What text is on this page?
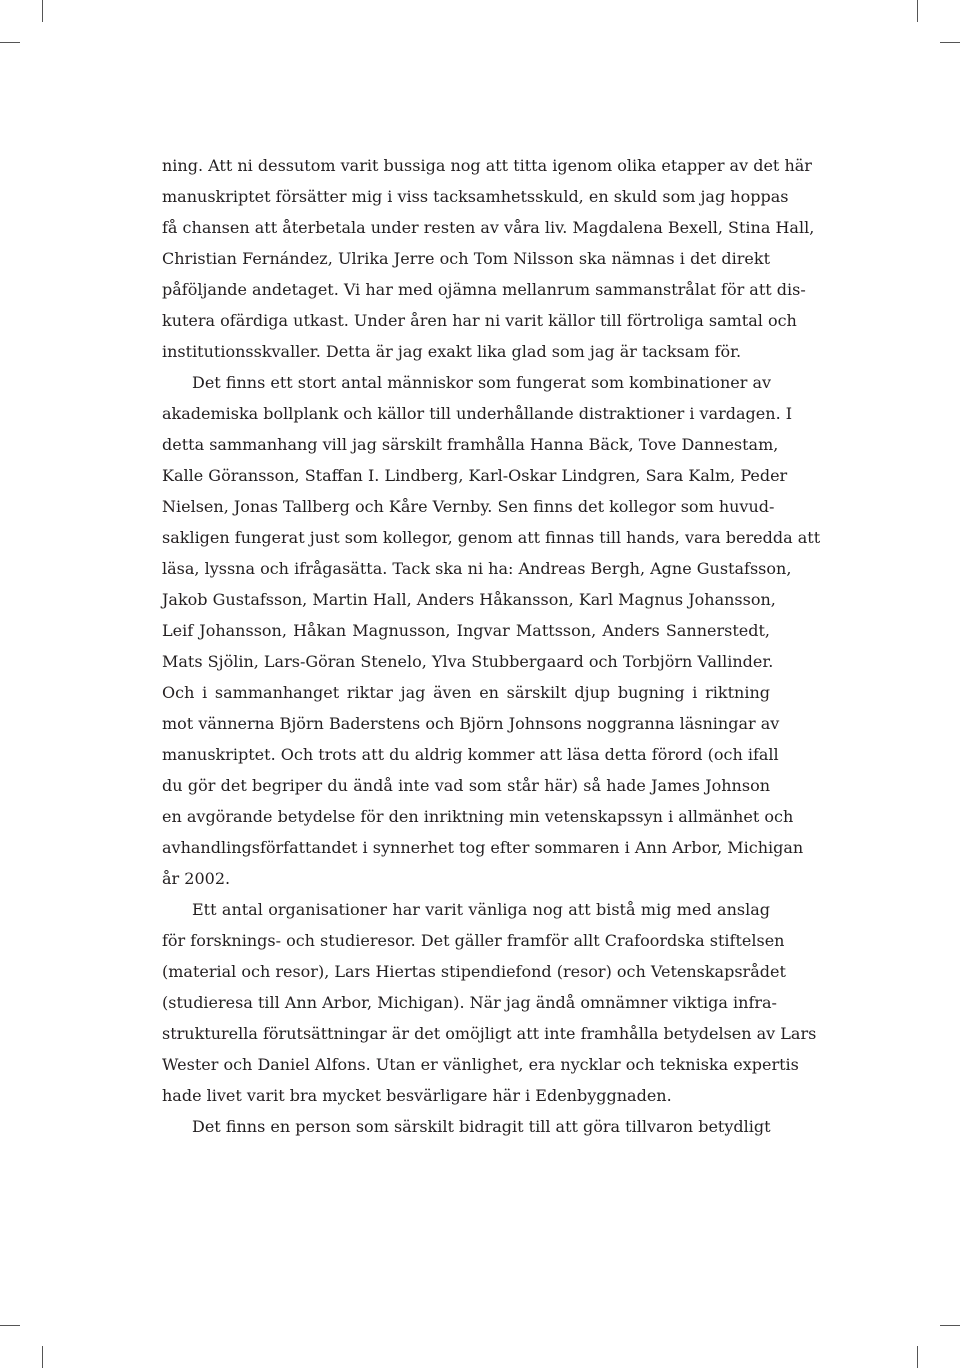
ning. Att ni dessutom varit bussiga nog att titta igenom olika etapper av det här

manuskriptet försätter mig i viss tacksamhetsskuld, en skuld som jag hoppas

få chansen att återbetala under resten av våra liv. Magdalena Bexell, Stina Hall,

Christian Fernández, Ulrika Jerre och Tom Nilsson ska nämnas i det direkt

påföljande andetaget. Vi har med ojämna mellanrum sammanstrålat för att dis-

kutera ofärdiga utkast. Under åren har ni varit källor till förtroliga samtal och

institutionsskvaller. Detta är jag exakt lika glad som jag är tacksam för.

Det finns ett stort antal människor som fungerat som kombinationer av

akademiska bollplank och källor till underhållande distraktioner i vardagen. I

detta sammanhang vill jag särskilt framhålla Hanna Bäck, Tove Dannestam,

Kalle Göransson, Staffan I. Lindberg, Karl-Oskar Lindgren, Sara Kalm, Peder

Nielsen, Jonas Tallberg och Kåre Vernby. Sen finns det kollegor som huvud-

sakligen fungerat just som kollegor, genom att finnas till hands, vara beredda att

läsa, lyssna och ifrågasätta. Tack ska ni ha: Andreas Bergh, Agne Gustafsson,

Jakob Gustafsson, Martin Hall, Anders Håkansson, Karl Magnus Johansson,

Leif Johansson, Håkan Magnusson, Ingvar Mattsson, Anders Sannerstedt,

Mats Sjölin, Lars-Göran Stenelo, Ylva Stubbergaard och Torbjörn Vallinder.

Och i sammanhanget riktar jag även en särskilt djup bugning i riktning

mot vännerna Björn Baderstens och Björn Johnsons noggranna läsningar av

manuskriptet. Och trots att du aldrig kommer att läsa detta förord (och ifall

du gör det begriper du ändå inte vad som står här) så hade James Johnson

en avgörande betydelse för den inriktning min vetenskapssyn i allmänhet och

avhandlingsförfattandet i synnerhet tog efter sommaren i Ann Arbor, Michigan

år 2002.

Ett antal organisationer har varit vänliga nog att bistå mig med anslag

för forsknings- och studieresor. Det gäller framför allt Crafoordska stiftelsen

(material och resor), Lars Hiertas stipendiefond (resor) och Vetenskapsrådet

(studieresa till Ann Arbor, Michigan). När jag ändå omnämner viktiga infra-

strukturella förutsättningar är det omöjligt att inte framhålla betydelsen av Lars

Wester och Daniel Alfons. Utan er vänlighet, era nycklar och tekniska expertis

hade livet varit bra mycket besvärligare här i Edenbyggnaden.

Det finns en person som särskilt bidragit till att göra tillvaron betydligt
